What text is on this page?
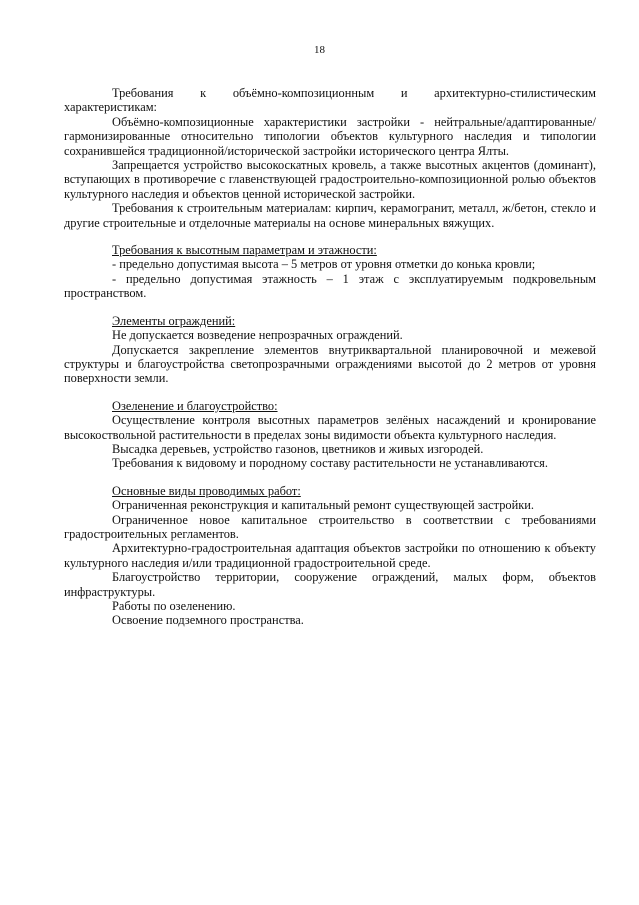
18

Требования к объёмно-композиционным и архитектурно-стилистическим характеристикам:

Объёмно-композиционные характеристики застройки - нейтральные/адаптированные/гармонизированные относительно типологии объектов культурного наследия и типологии сохранившейся традиционной/исторической застройки исторического центра Ялты.

Запрещается устройство высокоскатных кровель, а также высотных акцентов (доминант), вступающих в противоречие с главенствующей градостроительно-композиционной ролью объектов культурного наследия и объектов ценной исторической застройки.

Требования к строительным материалам: кирпич, керамогранит, металл, ж/бетон, стекло и другие строительные и отделочные материалы на основе минеральных вяжущих.

Требования к высотным параметрам и этажности:

- предельно допустимая высота – 5 метров от уровня отметки до конька кровли;

- предельно допустимая этажность – 1 этаж с эксплуатируемым подкровельным пространством.

Элементы ограждений:

Не допускается возведение непрозрачных ограждений.

Допускается закрепление элементов внутриквартальной планировочной и межевой структуры и благоустройства светопрозрачными ограждениями высотой до 2 метров от уровня поверхности земли.

Озеленение и благоустройство:

Осуществление контроля высотных параметров зелёных насаждений и кронирование высокоствольной растительности в пределах зоны видимости объекта культурного наследия.

Высадка деревьев, устройство газонов, цветников и живых изгородей.

Требования к видовому и породному составу растительности не устанавливаются.

Основные виды проводимых работ:

Ограниченная реконструкция и капитальный ремонт существующей застройки.

Ограниченное новое капитальное строительство в соответствии с требованиями градостроительных регламентов.

Архитектурно-градостроительная адаптация объектов застройки по отношению к объекту культурного наследия и/или традиционной градостроительной среде.

Благоустройство территории, сооружение ограждений, малых форм, объектов инфраструктуры.

Работы по озеленению.

Освоение подземного пространства.
